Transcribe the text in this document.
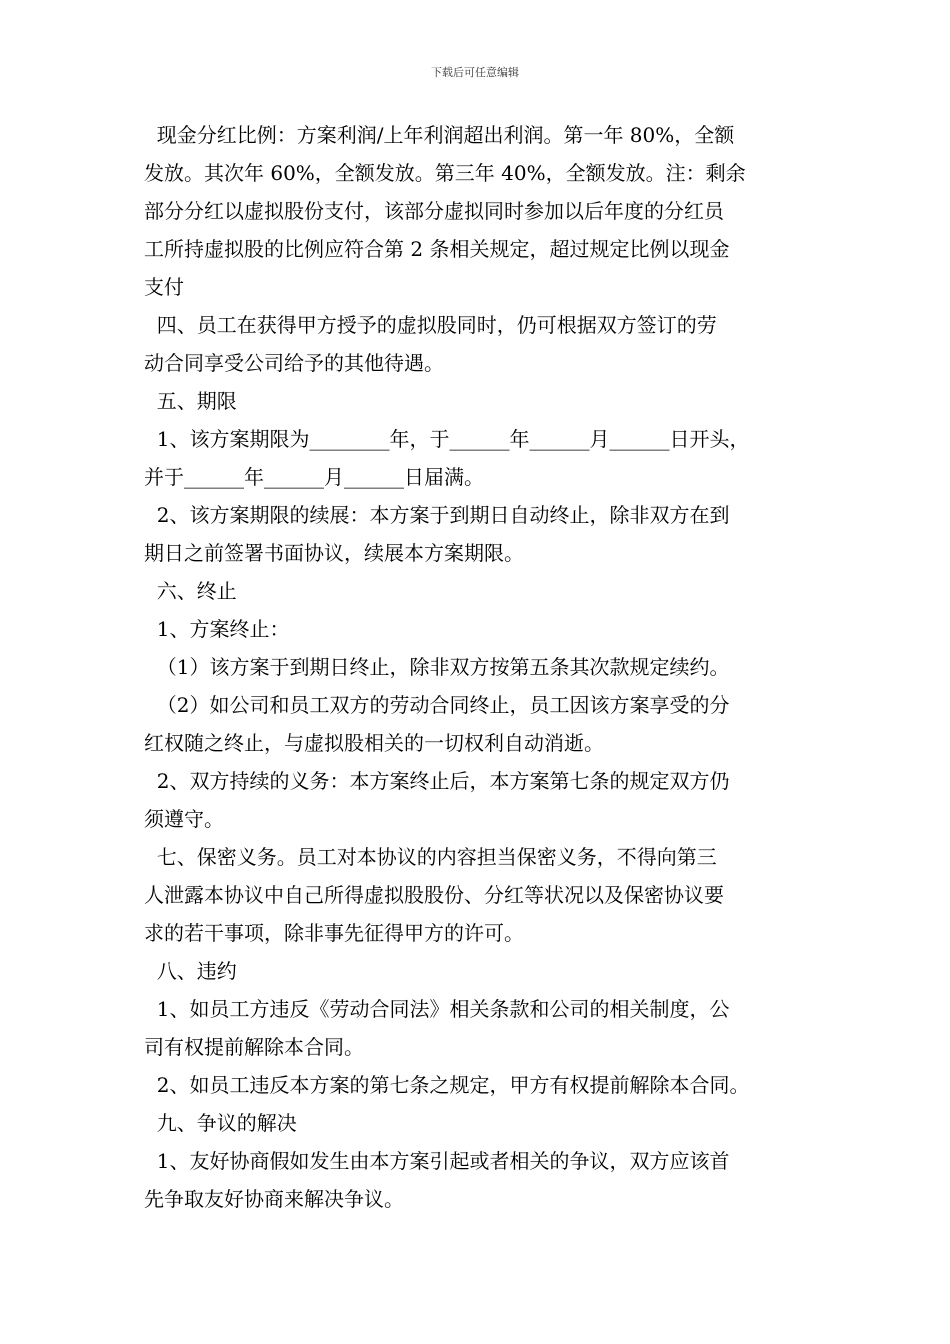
下载后可任意编辑

现金分红比例：方案利润/上年利润超出利润。第一年 80%，全额

发放。其次年 60%，全额发放。第三年 40%，全额发放。注：剩余

部分分红以虚拟股份支付，该部分虚拟同时参加以后年度的分红员

工所持虚拟股的比例应符合第 2 条相关规定，超过规定比例以现金

支付

四、员工在获得甲方授予的虚拟股同时，仍可根据双方签订的劳

动合同享受公司给予的其他待遇。

五、期限

1、该方案期限为________年，于______年______月______日开头，

并于______年______月______日届满。

2、该方案期限的续展：本方案于到期日自动终止，除非双方在到

期日之前签署书面协议，续展本方案期限。

六、终止

1、方案终止：

（1）该方案于到期日终止，除非双方按第五条其次款规定续约。

（2）如公司和员工双方的劳动合同终止，员工因该方案享受的分

红权随之终止，与虚拟股相关的一切权利自动消逝。

2、双方持续的义务：本方案终止后，本方案第七条的规定双方仍

须遵守。

七、保密义务。员工对本协议的内容担当保密义务，不得向第三

人泄露本协议中自己所得虚拟股股份、分红等状况以及保密协议要

求的若干事项，除非事先征得甲方的许可。

八、违约

1、如员工方违反《劳动合同法》相关条款和公司的相关制度，公

司有权提前解除本合同。

2、如员工违反本方案的第七条之规定，甲方有权提前解除本合同。

九、争议的解决

1、友好协商假如发生由本方案引起或者相关的争议，双方应该首

先争取友好协商来解决争议。
